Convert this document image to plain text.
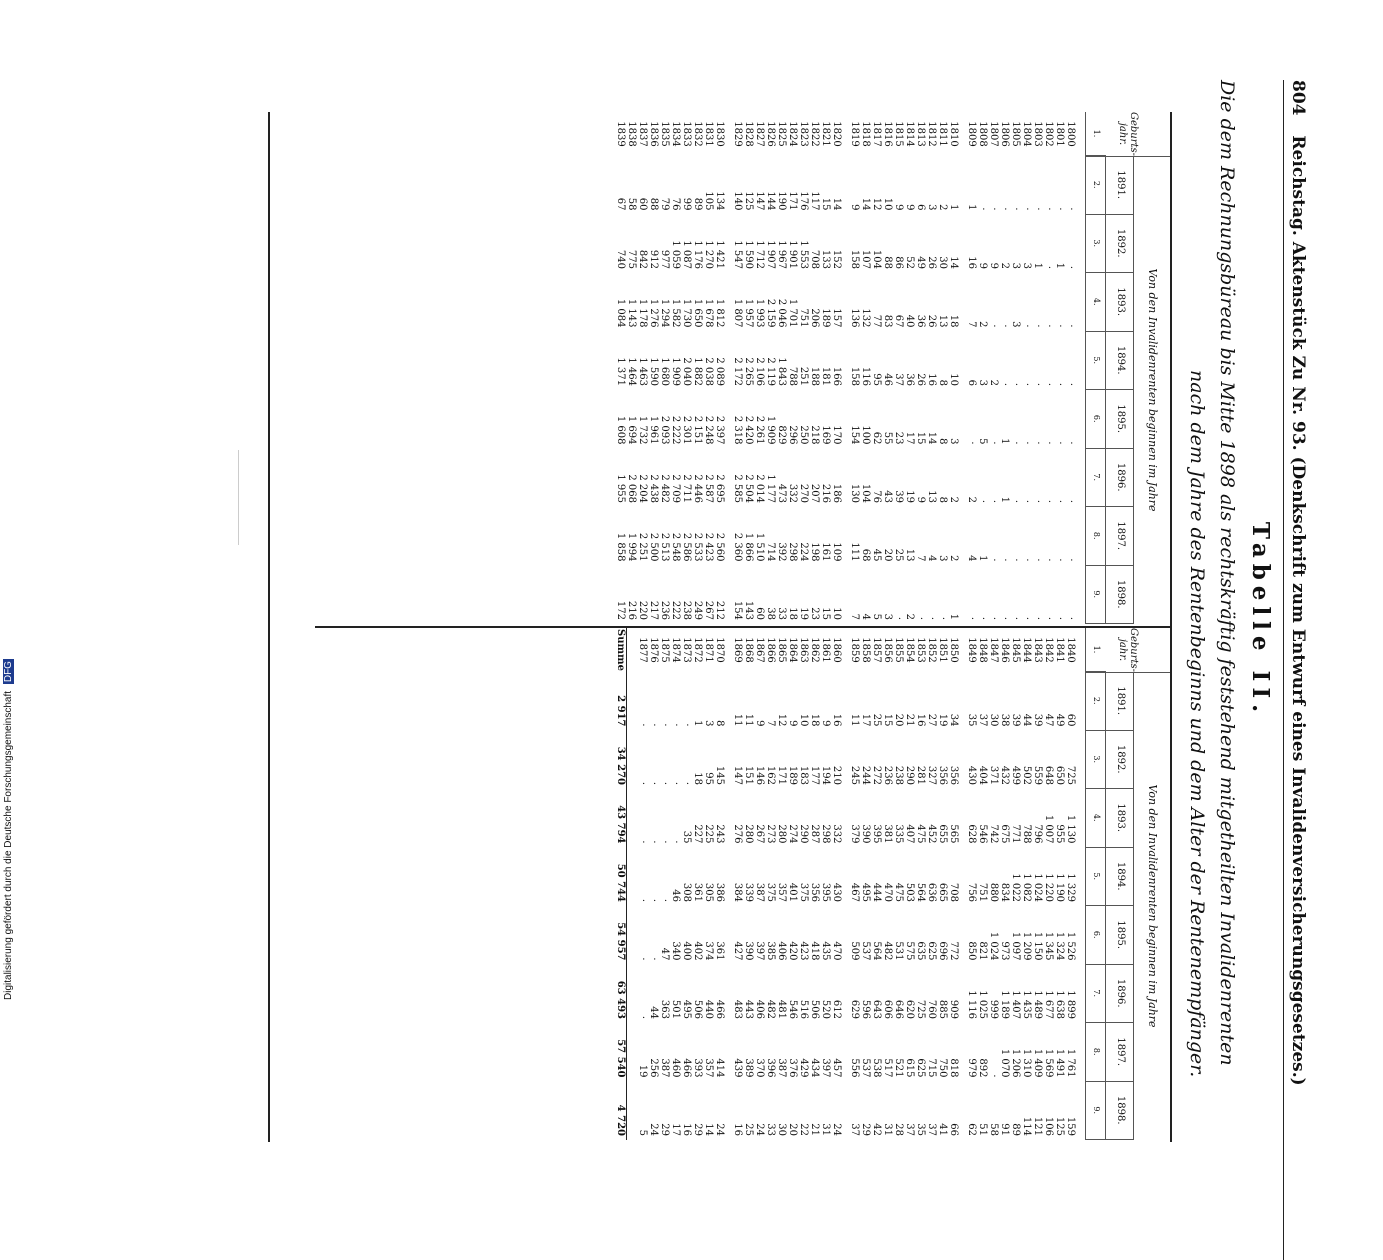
804 Reichstag. Aktenstück Zu Nr. 93. (Denkschrift zum Entwurf eines Invalidenversicherungsgesetzes.)
Tabelle II.
Die dem Rechnungsbüreau bis Mitte 1898 als rechtskräftig feststehend mitgetheilten Invalidenrenten
nach dem Jahre des Rentenbeginns und dem Alter der Rentenempfänger.
Geburts-
jahr.
Von den Invalidenrenten beginnen im Jahre
1891.
1892.
1893.
1894.
1895.
1896.
1897.
1898.
1.
2.
3.
4.
5.
6.
7.
8.
9.
1800
·
·
·
·
·
·
·
·
1801
·
1
·
·
·
·
·
·
1802
·
·
·
·
·
·
·
·
1803
·
1
·
·
·
·
·
·
1804
·
3
·
·
·
·
·
·
1805
·
3
3
·
·
·
·
·
1806
·
2
·
·
1
1
·
·
1807
·
9
·
2
·
·
·
·
1808
·
9
2
3
5
·
1
·
1809
1
16
7
6
·
2
4
·
1810
1
14
18
10
3
2
2
1
1811
2
30
13
8
8
8
3
·
1812
3
26
26
16
14
13
4
·
1813
6
49
36
26
15
9
7
·
1814
9
52
40
36
17
19
13
2
1815
9
86
67
37
23
39
25
·
1816
10
88
83
46
55
43
20
3
1817
12
104
77
95
62
76
45
5
1818
14
107
132
116
100
104
68
4
1819
9
158
136
158
154
130
111
7
1820
14
152
157
166
170
186
109
10
1821
15
133
189
181
169
216
161
15
1822
117
708
206
188
218
207
198
23
1823
176
1 553
751
251
250
270
224
19
1824
171
1 901
1 701
788
296
332
298
18
1825
190
1 967
2 046
1 843
829
473
392
33
1826
144
1 907
2 159
2 119
1 909
1 177
714
38
1827
147
1 712
1 993
2 106
2 261
2 014
1 510
60
1828
125
1 590
1 957
2 265
2 420
2 504
1 866
143
1829
140
1 547
1 807
2 172
2 318
2 585
2 360
154
1830
134
1 421
1 812
2 089
2 397
2 695
2 560
212
1831
105
1 270
1 678
2 038
2 248
2 587
2 423
267
1832
89
1 176
1 650
1 882
2 151
2 446
2 533
249
1833
99
1 087
1 730
2 040
2 301
2 711
2 586
238
1834
76
1 059
1 582
1 909
2 222
2 709
2 548
222
1835
79
977
1 294
1 680
2 093
2 482
2 513
236
1836
88
912
1 276
1 590
1 961
2 438
2 500
217
1837
60
842
1 178
1 463
1 732
2 204
2 251
220
1838
58
775
1 143
1 464
1 694
2 068
1 994
216
1839
67
740
1 084
1 371
1 608
1 955
1 858
172
Geburts-
jahr.
Von den Invalidenrenten beginnen im Jahre
1891.
1892.
1893.
1894.
1895.
1896.
1897.
1898.
1.
2.
3.
4.
5.
6.
7.
8.
9.
1840
60
725
1 130
1 329
1 526
1 899
1 761
159
1841
49
650
955
1 190
1 324
1 638
1 491
125
1842
47
648
1 007
1 220
1 345
1 677
1 569
106
1843
39
559
796
1 024
1 150
1 489
1 409
121
1844
44
502
788
1 082
1 209
1 435
1 310
114
1845
39
499
771
1 022
1 097
1 407
1 206
89
1846
38
432
675
834
973
1 189
1 070
91
1847
30
371
742
880
1 024
999
·
58
1848
37
404
546
751
821
1 025
892
51
1849
35
430
628
756
850
1 116
979
62
1850
34
356
565
708
772
909
818
66
1851
19
356
655
665
696
885
750
41
1852
27
327
452
636
625
760
715
37
1853
16
281
475
564
635
725
625
35
1854
21
290
407
503
575
620
615
37
1855
20
238
335
475
531
646
521
28
1856
15
236
381
470
482
606
517
31
1857
25
272
395
444
564
643
538
42
1858
17
244
390
495
537
596
537
29
1859
11
245
379
467
509
629
556
37
1860
16
210
332
430
470
612
457
24
1861
9
194
298
395
435
520
397
31
1862
18
177
287
356
418
506
434
21
1863
10
183
290
375
423
516
429
22
1864
9
189
274
401
420
546
376
20
1865
12
171
280
357
406
481
387
30
1866
7
162
273
375
385
482
396
33
1867
9
146
267
387
397
406
370
24
1868
11
151
280
339
390
443
389
25
1869
11
147
276
384
427
483
439
16
1870
8
145
243
386
361
466
414
24
1871
3
95
225
305
374
440
357
14
1872
1
18
227
361
402
506
393
29
1873
·
·
35
308
400
495
466
16
1874
·
·
·
46
340
501
460
17
1875
·
·
·
·
47
363
387
29
1876
·
·
·
·
·
44
256
24
1877
·
·
·
·
·
·
19
5
Summe
2 917
34 270
43 794
50 744
54 957
63 493
57 540
4 720
Digitalisierung gefördert durch die Deutsche Forschungsgemeinschaft DFG
